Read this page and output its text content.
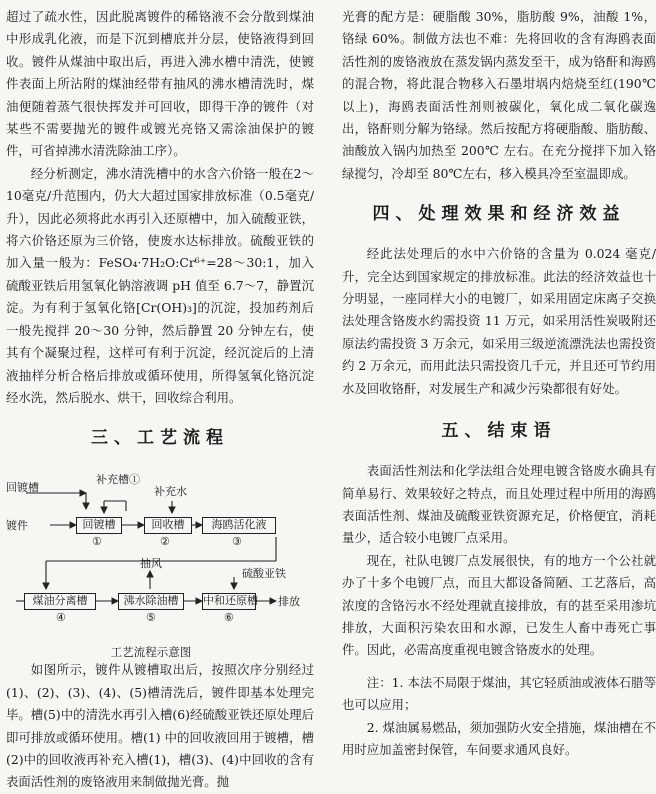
超过了疏水性，因此脱离镀件的稀铬液不会分散到煤油中形成乳化液，而是下沉到槽底并分层，使铬液得到回收。镀件从煤油中取出后，再进入沸水槽中清洗，使镀件表面上所沾附的煤油经带有抽风的沸水槽清洗时，煤油便随着蒸气很快挥发并可回收，即得干净的镀件（对某些不需要抛光的镀件或镀光亮铬又需涂油保护的镀件，可省掉沸水清洗除油工序）。

经分析测定，沸水清洗槽中的水含六价铬一般在2～10毫克/升范围内，仍大大超过国家排放标准（0.5毫克/升），因此必须将此水再引入还原槽中，加入硫酸亚铁，将六价铬还原为三价铬，使废水达标排放。硫酸亚铁的加入量一般为：FeSO₄·7H₂O:Cr⁶⁺=28～30:1，加入硫酸亚铁后用氢氧化钠溶液调 pH 值至 6.7～7，静置沉淀。为有利于氢氧化铬[Cr(OH)₃]的沉淀，投加药剂后一般先搅拌 20～30 分钟，然后静置 20 分钟左右，使其有个凝聚过程，这样可有利于沉淀，经沉淀后的上清液抽样分析合格后排放或循环使用，所得氢氧化铬沉淀经水洗，然后脱水、烘干，回收综合利用。

三、工艺流程
回镀槽
镀件
补充槽①
补充水
回镀槽	回收槽	海鸥活化液
①	②	③
抽风
硫酸亚铁
煤油分离槽	沸水除油槽	中和还原槽 排放
④	⑤	⑥
工艺流程示意图

如图所示，镀件从镀槽取出后，按照次序分别经过(1)、(2)、(3)、(4)、(5)槽清洗后，镀件即基本处理完毕。槽(5)中的清洗水再引入槽(6)经硫酸亚铁还原处理后即可排放或循环使用。槽(1) 中的回收液回用于镀槽，槽(2)中的回收液再补充入槽(1)，槽(3)、(4)中回收的含有表面活性剂的废铬液用来制做抛光膏。抛

光膏的配方是：硬脂酸 30%，脂肪酸 9%，油酸 1%，铬绿 60%。制做方法也不难：先将回收的含有海鸥表面活性剂的废铬液放在蒸发锅内蒸发至干，成为铬酐和海鸥的混合物，将此混合物移入石墨坩埚内焙烧至红(190℃以上)，海鸥表面活性剂则被碳化，氧化成二氧化碳逸出，铬酐则分解为铬绿。然后按配方将硬脂酸、脂肪酸、油酸放入锅内加热至 200℃ 左右。在充分搅拌下加入铬绿搅匀，冷却至 80℃左右，移入模具冷至室温即成。

四、处理效果和经济效益

经此法处理后的水中六价铬的含量为 0.024 毫克/升，完全达到国家规定的排放标准。此法的经济效益也十分明显，一座同样大小的电镀厂，如采用固定床离子交换法处理含铬废水约需投资 11 万元，如采用活性炭吸附还原法约需投资 3 万余元，如采用三级逆流漂洗法也需投资约 2 万余元，而用此法只需投资几千元，并且还可节约用水及回收铬酐，对发展生产和减少污染都很有好处。

五、结束语

表面活性剂法和化学法组合处理电镀含铬废水确具有简单易行、效果较好之特点，而且处理过程中所用的海鸥表面活性剂、煤油及硫酸亚铁资源充足，价格便宜，消耗量少，适合较小电镀厂点采用。

现在，社队电镀厂点发展很快，有的地方一个公社就办了十多个电镀厂点，而且大都设备简陋、工艺落后，高浓度的含铬污水不经处理就直接排放，有的甚至采用渗坑排放，大面积污染农田和水源，已发生人畜中毒死亡事件。因此，必需高度重视电镀含铬废水的处理。

注：1. 本法不局限于煤油，其它轻质油或液体石腊等也可以应用；

2. 煤油属易燃品，须加强防火安全措施，煤油槽在不用时应加盖密封保管，车间要求通风良好。
